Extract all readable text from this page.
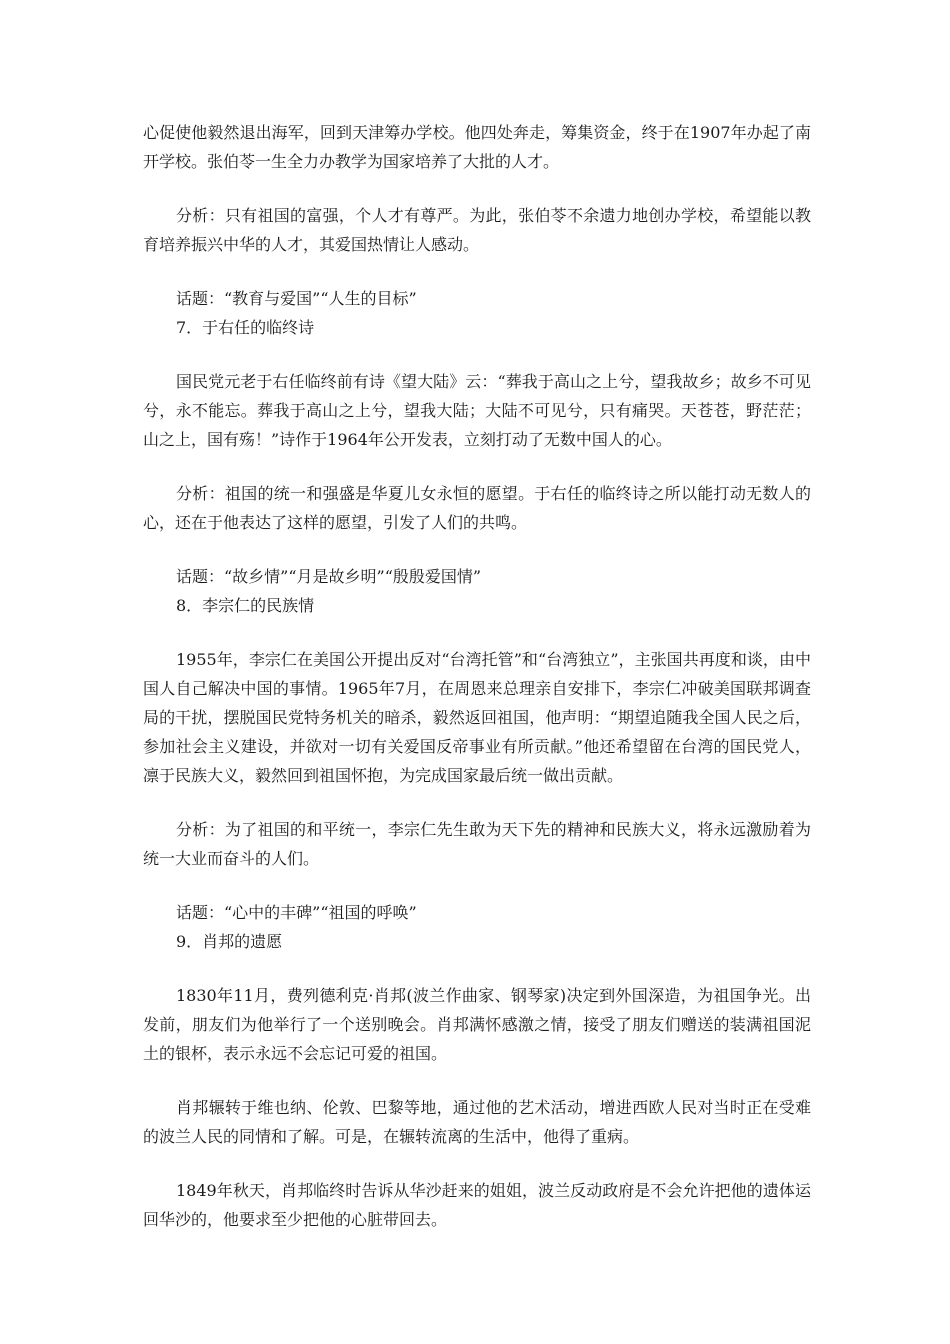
心促使他毅然退出海军，回到天津筹办学校。他四处奔走，筹集资金，终于在1907年办起了南开学校。张伯苓一生全力办教学为国家培养了大批的人才。

分析：只有祖国的富强，个人才有尊严。为此，张伯苓不余遗力地创办学校，希望能以教育培养振兴中华的人才，其爱国热情让人感动。

话题：“教育与爱国”“人生的目标”

7．于右任的临终诗

国民党元老于右任临终前有诗《望大陆》云：“葬我于高山之上兮，望我故乡；故乡不可见兮，永不能忘。葬我于高山之上兮，望我大陆；大陆不可见兮，只有痛哭。天苍苍，野茫茫；山之上，国有殇！”诗作于1964年公开发表，立刻打动了无数中国人的心。

分析：祖国的统一和强盛是华夏儿女永恒的愿望。于右任的临终诗之所以能打动无数人的心，还在于他表达了这样的愿望，引发了人们的共鸣。

话题：“故乡情”“月是故乡明”“殷殷爱国情”

8．李宗仁的民族情

1955年，李宗仁在美国公开提出反对“台湾托管”和“台湾独立”，主张国共再度和谈，由中国人自己解决中国的事情。1965年7月，在周恩来总理亲自安排下，李宗仁冲破美国联邦调查局的干扰，摆脱国民党特务机关的暗杀，毅然返回祖国，他声明：“期望追随我全国人民之后，参加社会主义建设，并欲对一切有关爱国反帝事业有所贡献。”他还希望留在台湾的国民党人，凛于民族大义，毅然回到祖国怀抱，为完成国家最后统一做出贡献。

分析：为了祖国的和平统一，李宗仁先生敢为天下先的精神和民族大义，将永远激励着为统一大业而奋斗的人们。

话题：“心中的丰碑”“祖国的呼唤”

9．肖邦的遗愿

1830年11月，费列德利克·肖邦(波兰作曲家、钢琴家)决定到外国深造，为祖国争光。出发前，朋友们为他举行了一个送别晚会。肖邦满怀感激之情，接受了朋友们赠送的装满祖国泥土的银杯，表示永远不会忘记可爱的祖国。

肖邦辗转于维也纳、伦敦、巴黎等地，通过他的艺术活动，增进西欧人民对当时正在受难的波兰人民的同情和了解。可是，在辗转流离的生活中，他得了重病。

1849年秋天，肖邦临终时告诉从华沙赶来的姐姐，波兰反动政府是不会允许把他的遗体运回华沙的，他要求至少把他的心脏带回去。
